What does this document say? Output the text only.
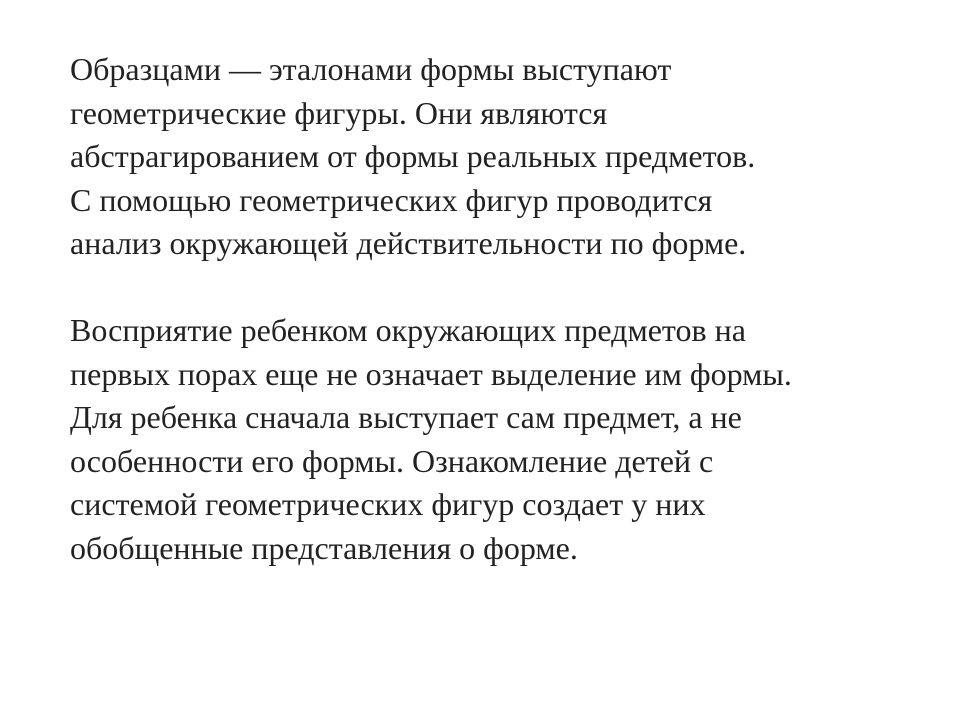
Образцами — эталонами формы выступают
геометрические фигуры. Они являются
абстрагированием от формы реальных предметов.
С помощью геометрических фигур проводится
анализ окружающей действительности по форме.
Восприятие ребенком окружающих предметов на
первых порах еще не означает выделение им формы.
Для ребенка сначала выступает сам предмет, а не
особенности его формы. Ознакомление детей с
системой геометрических фигур создает у них
обобщенные представления о форме.
